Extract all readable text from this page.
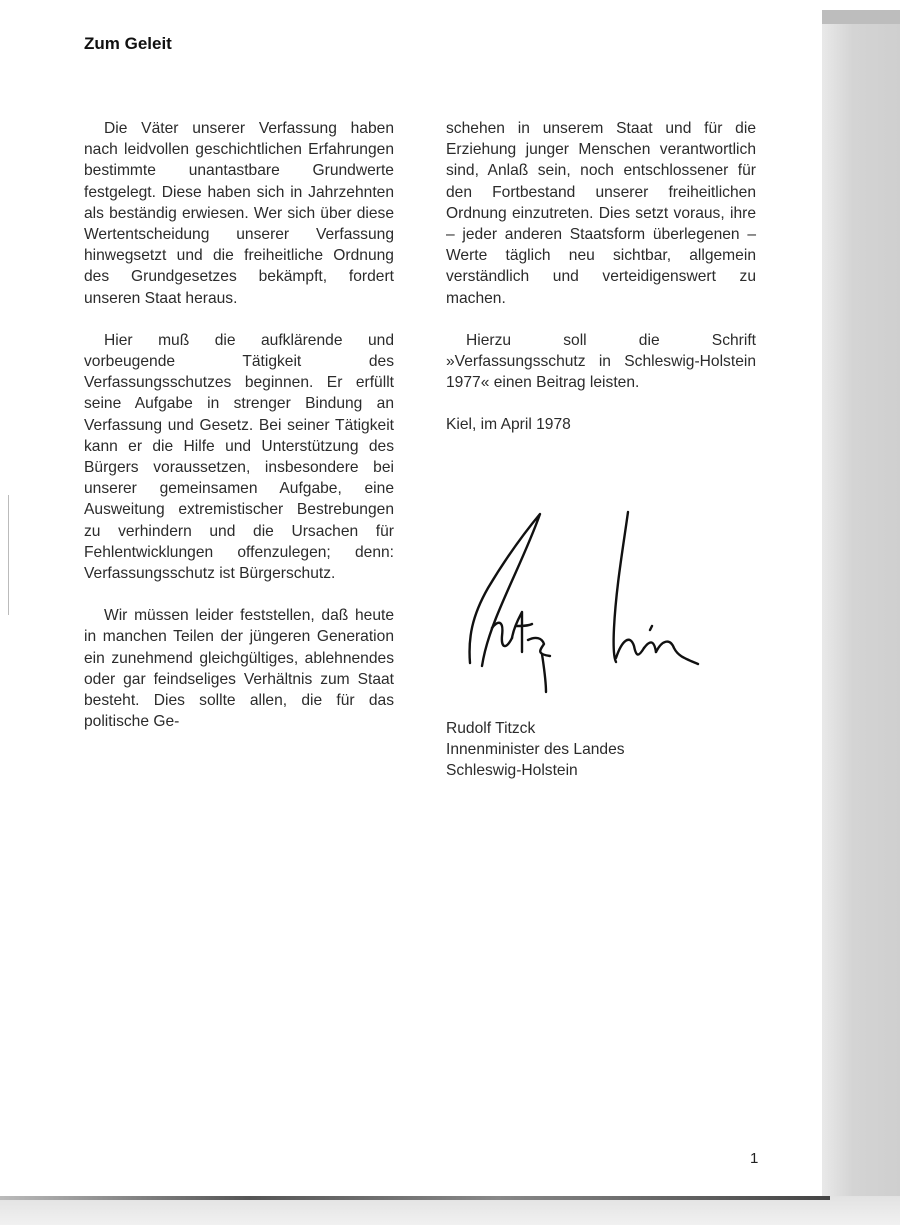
Zum Geleit

Die Väter unserer Verfassung haben nach leidvollen geschichtlichen Erfahrungen bestimmte unantastbare Grundwerte festgelegt. Diese haben sich in Jahrzehnten als beständig erwiesen. Wer sich über diese Wertentscheidung unserer Verfassung hinwegsetzt und die freiheitliche Ordnung des Grundgesetzes bekämpft, fordert unseren Staat heraus.

Hier muß die aufklärende und vorbeugende Tätigkeit des Verfassungsschutzes beginnen. Er erfüllt seine Aufgabe in strenger Bindung an Verfassung und Gesetz. Bei seiner Tätigkeit kann er die Hilfe und Unterstützung des Bürgers voraussetzen, insbesondere bei unserer gemeinsamen Aufgabe, eine Ausweitung extremistischer Bestrebungen zu verhindern und die Ursachen für Fehlentwicklungen offenzulegen; denn: Verfassungsschutz ist Bürgerschutz.

Wir müssen leider feststellen, daß heute in manchen Teilen der jüngeren Generation ein zunehmend gleichgültiges, ablehnendes oder gar feindseliges Verhältnis zum Staat besteht. Dies sollte allen, die für das politische Ge-

schehen in unserem Staat und für die Erziehung junger Menschen verantwortlich sind, Anlaß sein, noch entschlossener für den Fortbestand unserer freiheitlichen Ordnung einzutreten. Dies setzt voraus, ihre – jeder anderen Staatsform überlegenen – Werte täglich neu sichtbar, allgemein verständlich und verteidigenswert zu machen.

Hierzu soll die Schrift »Verfassungsschutz in Schleswig-Holstein 1977« einen Beitrag leisten.

Kiel, im April 1978

Rudolf Titzck
Innenminister des Landes
Schleswig-Holstein
1
